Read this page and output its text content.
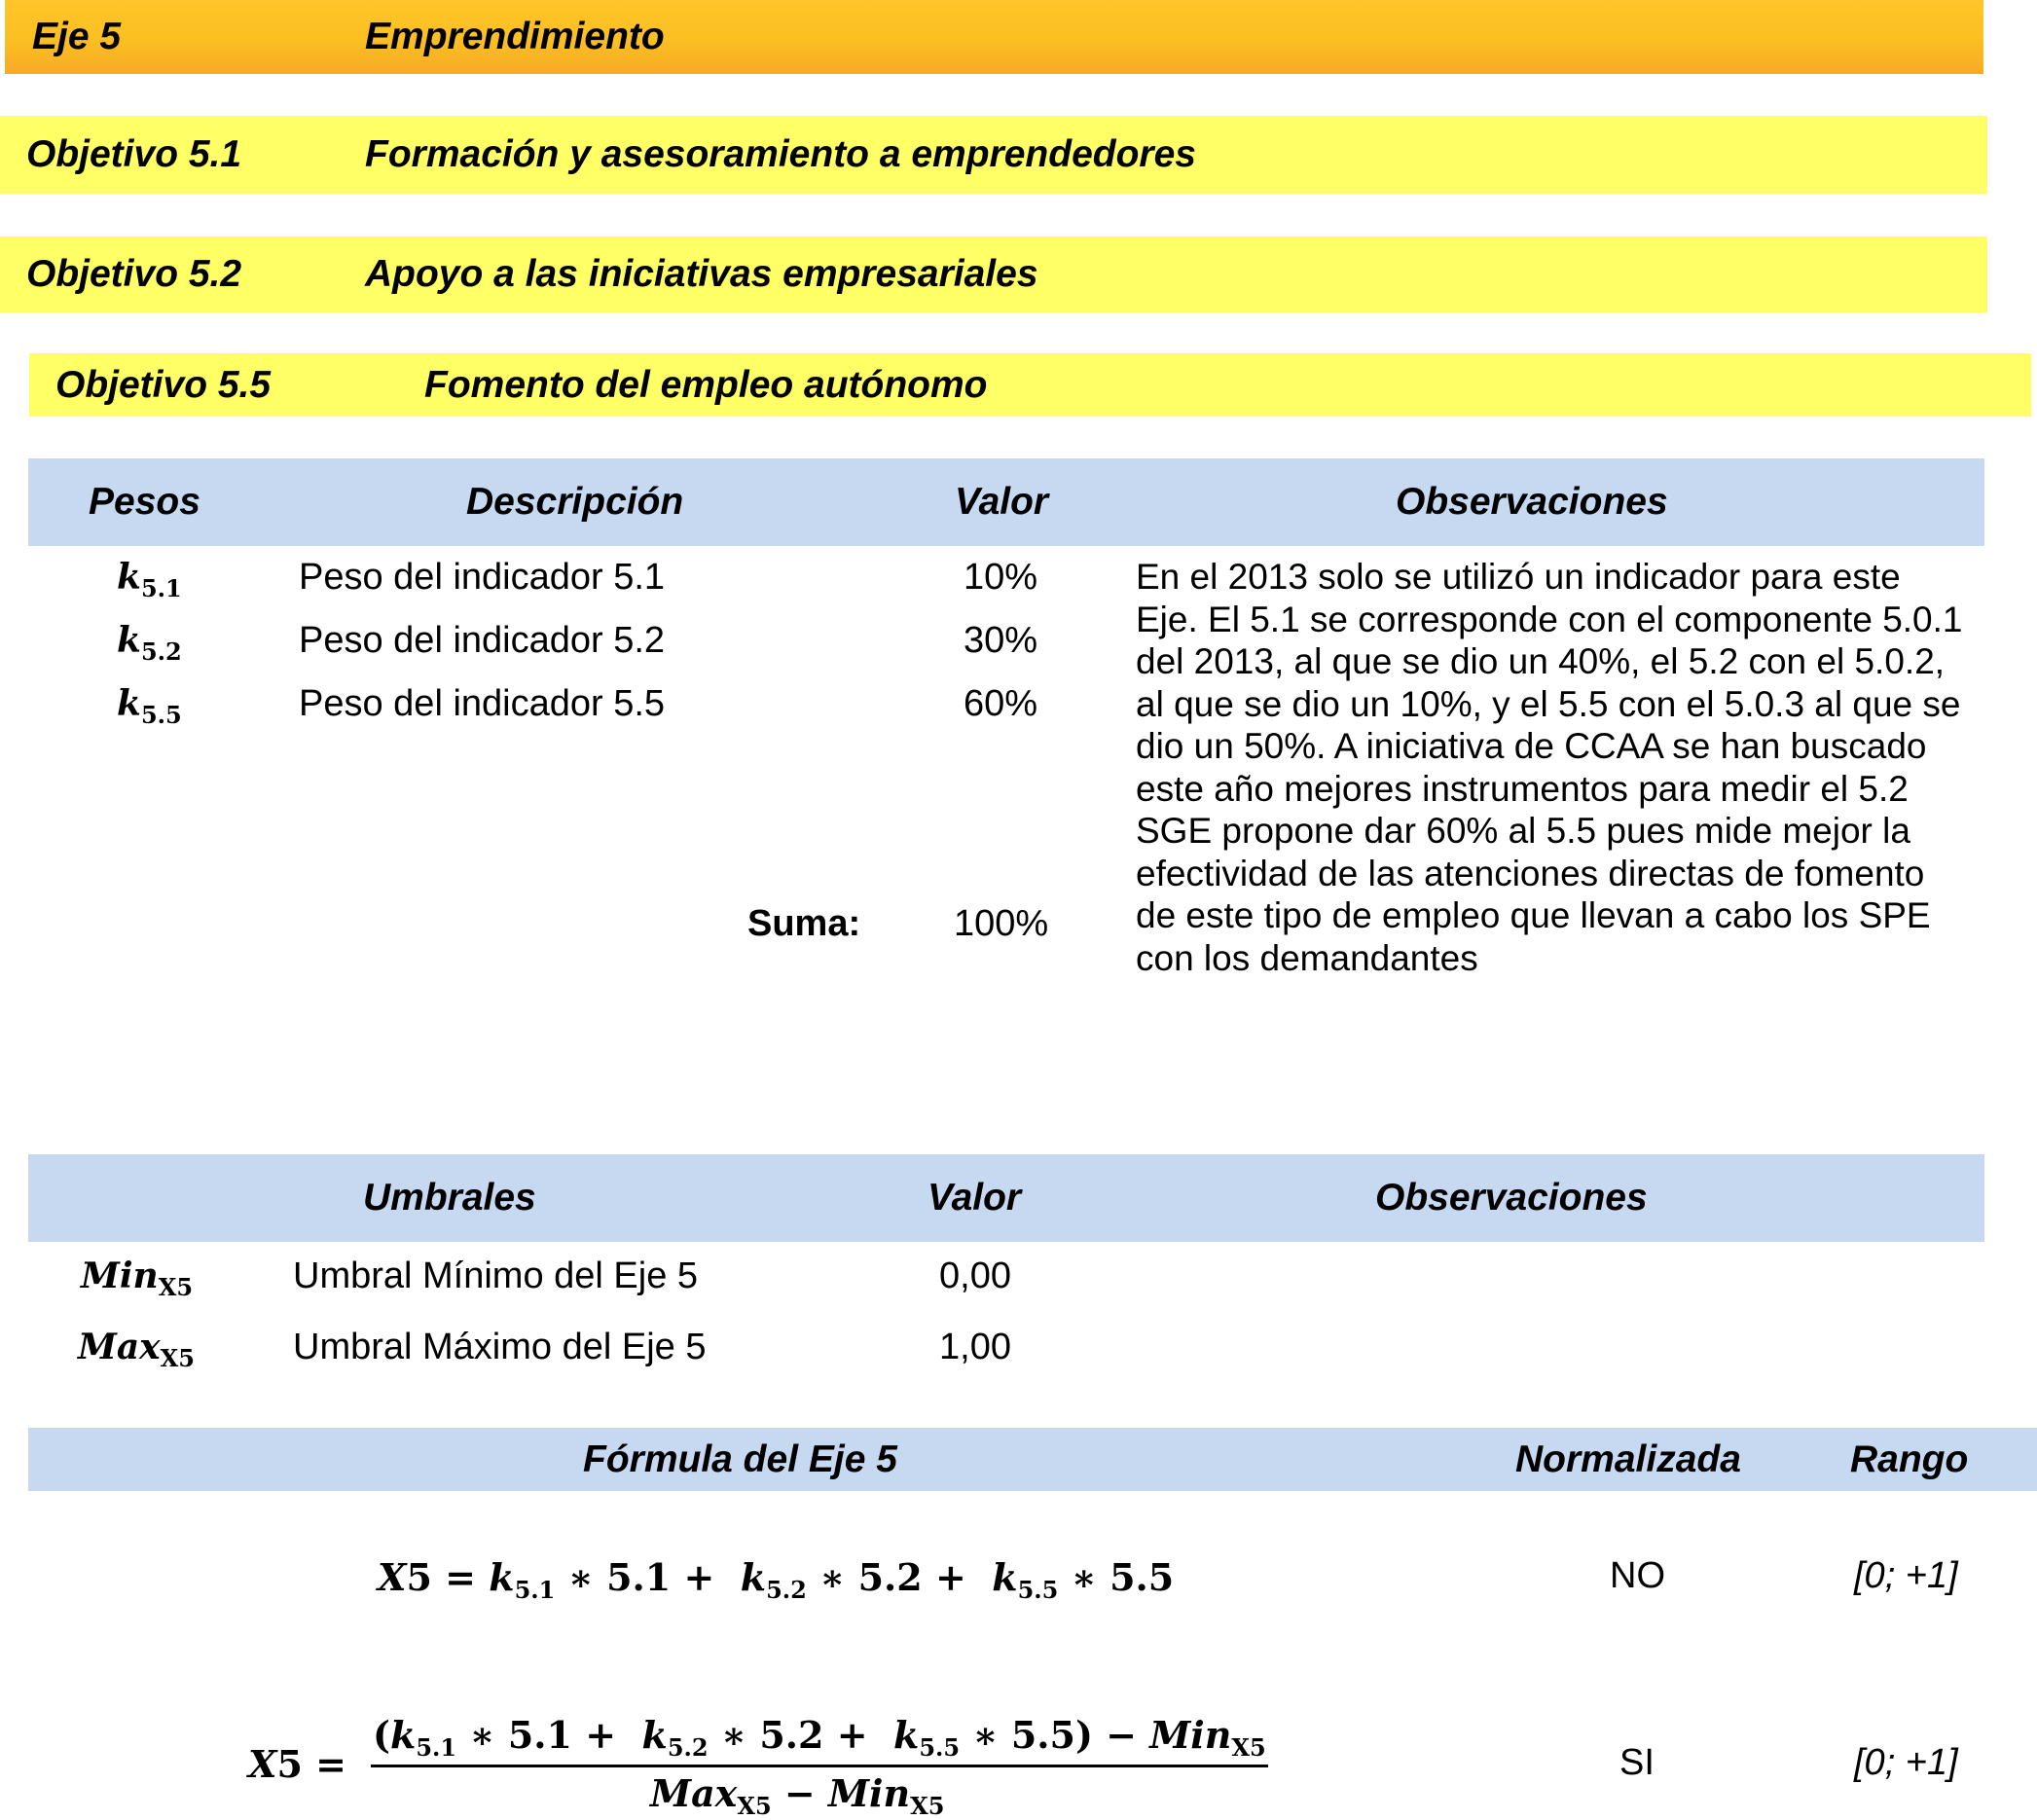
Eje 5	Emprendimiento
Objetivo 5.1	Formación y asesoramiento a emprendedores
Objetivo 5.2	Apoyo a las iniciativas empresariales
Objetivo 5.5	Fomento del empleo autónomo
Pesos	Descripción	Valor	Observaciones
$k_{5.1}$	Peso del indicador 5.1	10%
$k_{5.2}$	Peso del indicador 5.2	30%
$k_{5.5}$	Peso del indicador 5.5	60%
Suma:	100%

En el 2013 solo se utilizó un indicador para este Eje. El 5.1 se corresponde con el componente 5.0.1 del 2013, al que se dio un 40%, el 5.2 con el 5.0.2, al que se dio un 10%, y el 5.5 con el 5.0.3 al que se dio un 50%. A iniciativa de CCAA se han buscado este año mejores instrumentos para medir el 5.2

SGE propone dar 60% al 5.5 pues mide mejor la efectividad de las atenciones directas de fomento de este tipo de empleo que llevan a cabo los SPE con los demandantes

Umbrales	Valor	Observaciones
Min$_{X5}$	Umbral Mínimo del Eje 5	0,00
Max$_{X5}$	Umbral Máximo del Eje 5	1,00
Fórmula del Eje 5	Normalizada	Rango
$X5 = k_{5.1}$ ∗ $5.1 + k_{5.2}$ ∗ $5.2 + k_{5.5}$ ∗ 5.5	NO	[0; +1]
X5 =
($k_{5.1}$ ∗ $5.1 + k_{5.2}$ ∗ $5.2 + k_{5.5}$ ∗ 5.5) − Min$_{X5}$
Max$_{X5}$ − Min$_{X5}$
SI	[0; +1]
